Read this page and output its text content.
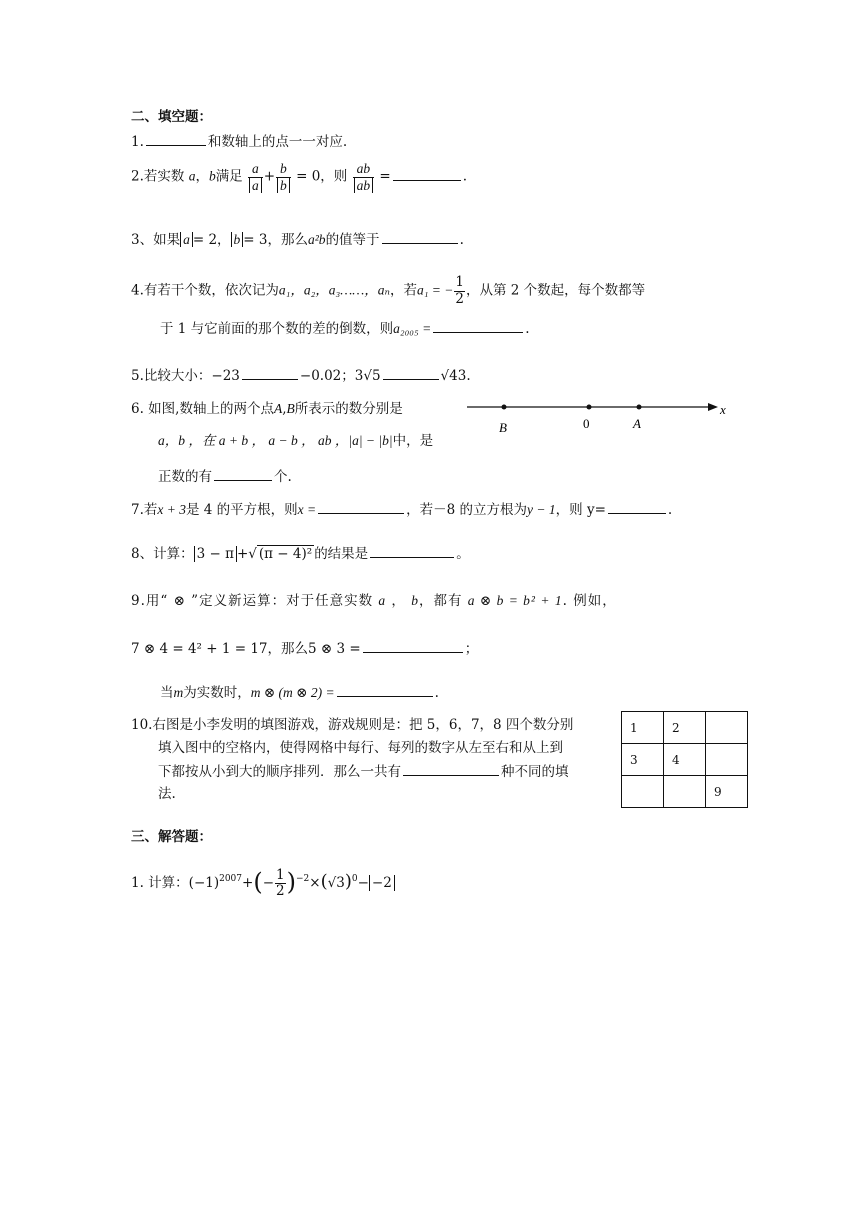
二、填空题：
1.	和数轴上的点一一对应.
2.若实数 a，b满足 $\frac{a}{a} + \frac{b}{b} = 0$，则 $\frac{ab}{ab}$ =	.
3、如果 a = 2， b = 3，那么a²b的值等于	.
4.有若干个数，依次记为a₁，a₂，a₃……，aₙ，若a₁ = − $\frac{1}{2}$ ，从第 2 个数起，每个数都等
于 1 与它前面的那个数的差的倒数，则a₂₀₀₅ =	.
5.比较大小：−23	−0.02；3√5	√43.
6. 如图,数轴上的两个点A,B所表示的数分别是
a，b ，在 a + b ， a − b ， ab ，|a| − |b|中，是
正数的有	个.
x
B	0	A
7.若x + 3是 4 的平方根，则x =	，若－8 的立方根为y − 1，则 y=	.
8、计算： 3 − π +√ (π − 4)² 的结果是	。
9.用“ ⊗ ”定义新运算：对于任意实数 a ， b，都有 a ⊗ b = b² + 1. 例如，
7 ⊗ 4 = 4² + 1 = 17，那么5 ⊗ 3 =	；
当m为实数时，m ⊗ (m ⊗ 2) =	.
10.右图是小李发明的填图游戏，游戏规则是：把 5，6，7，8 四个数分别
填入图中的空格内，使得网格中每行、每列的数字从左至右和从上到
下都按从小到大的顺序排列．那么一共有	种不同的填
法.
1	2	
3	4	
		9
三、解答题：
1. 计算：$(-1)^{2007}+(- \frac{1}{2} )^{-2}\times(√3)^0- -2$
